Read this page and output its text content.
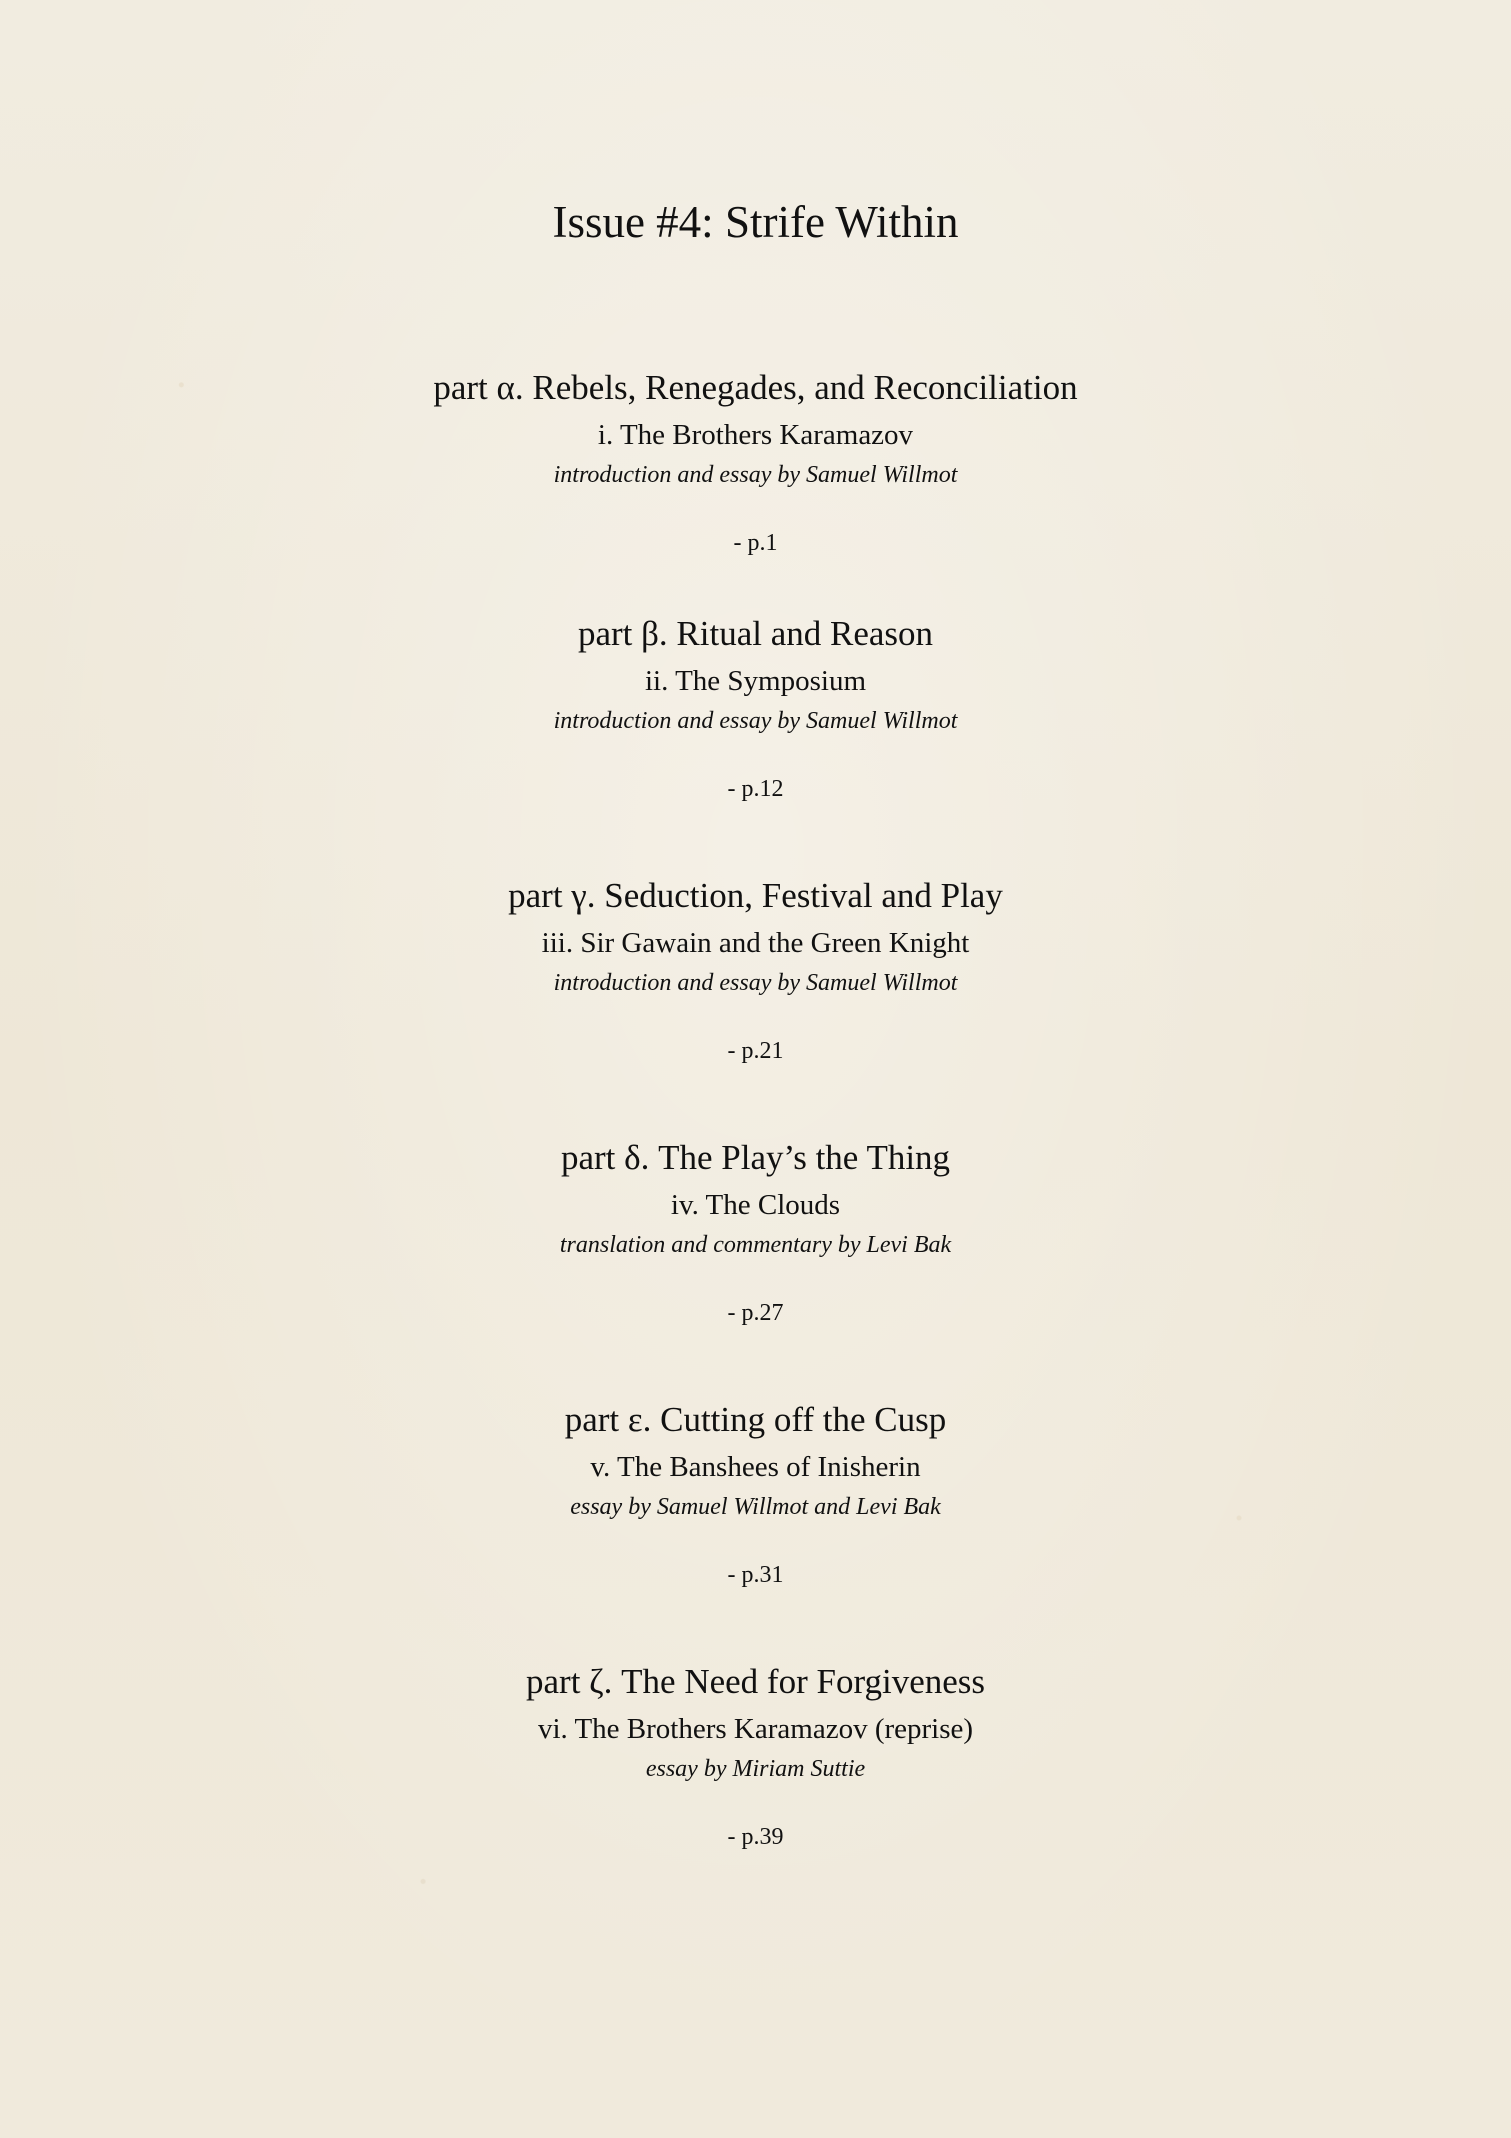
Issue #4: Strife Within
part α. Rebels, Renegades, and Reconciliation
i. The Brothers Karamazov
introduction and essay by Samuel Willmot
- p.1
part β. Ritual and Reason
ii. The Symposium
introduction and essay by Samuel Willmot
- p.12
part γ. Seduction, Festival and Play
iii. Sir Gawain and the Green Knight
introduction and essay by Samuel Willmot
- p.21
part δ. The Play’s the Thing
iv. The Clouds
translation and commentary by Levi Bak
- p.27
part ε. Cutting off the Cusp
v. The Banshees of Inisherin
essay by Samuel Willmot and Levi Bak
- p.31
part ζ. The Need for Forgiveness
vi. The Brothers Karamazov (reprise)
essay by Miriam Suttie
- p.39
